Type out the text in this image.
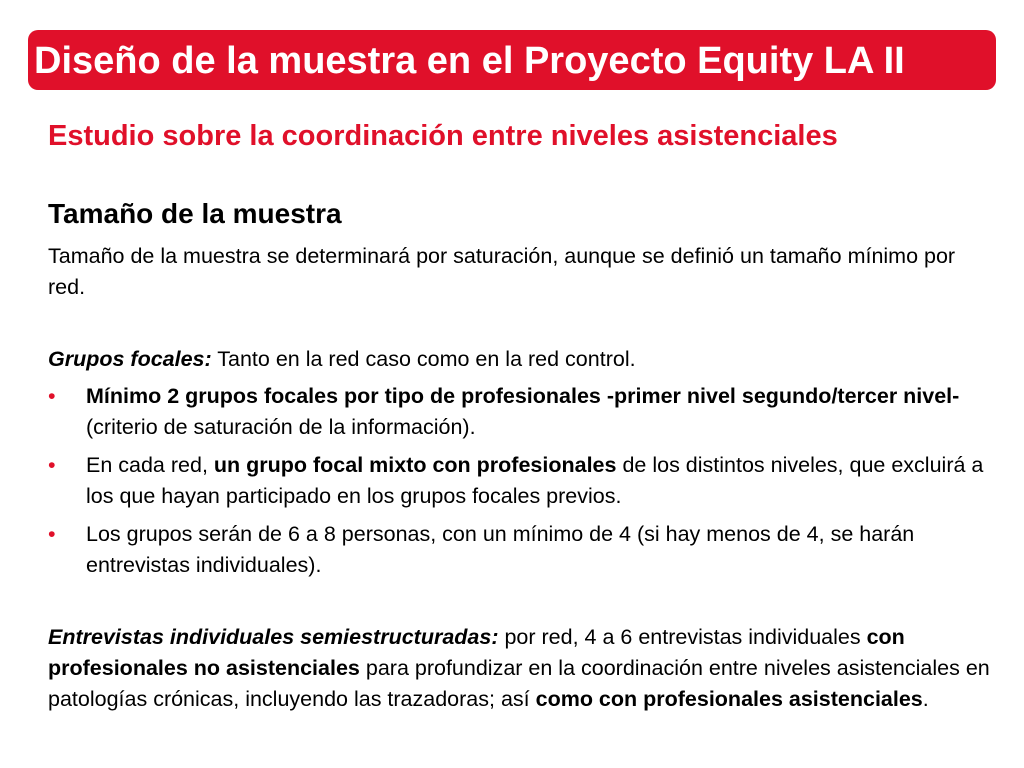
Diseño de la muestra en el Proyecto Equity LA II
Estudio sobre la coordinación entre niveles asistenciales
Tamaño de la muestra
Tamaño de la muestra se determinará por saturación, aunque se definió un tamaño mínimo por red.
Grupos focales: Tanto en la red caso como en la red control.
• Mínimo 2 grupos focales por tipo de profesionales -primer nivel segundo/tercer nivel- (criterio de saturación de la información).
• En cada red, un grupo focal mixto con profesionales de los distintos niveles, que excluirá a los que hayan participado en los grupos focales previos.
• Los grupos serán de 6 a 8 personas, con un mínimo de 4 (si hay menos de 4, se harán entrevistas individuales).
Entrevistas individuales semiestructuradas: por red, 4 a 6 entrevistas individuales con profesionales no asistenciales para profundizar en la coordinación entre niveles asistenciales en patologías crónicas, incluyendo las trazadoras; así como con profesionales asistenciales.
